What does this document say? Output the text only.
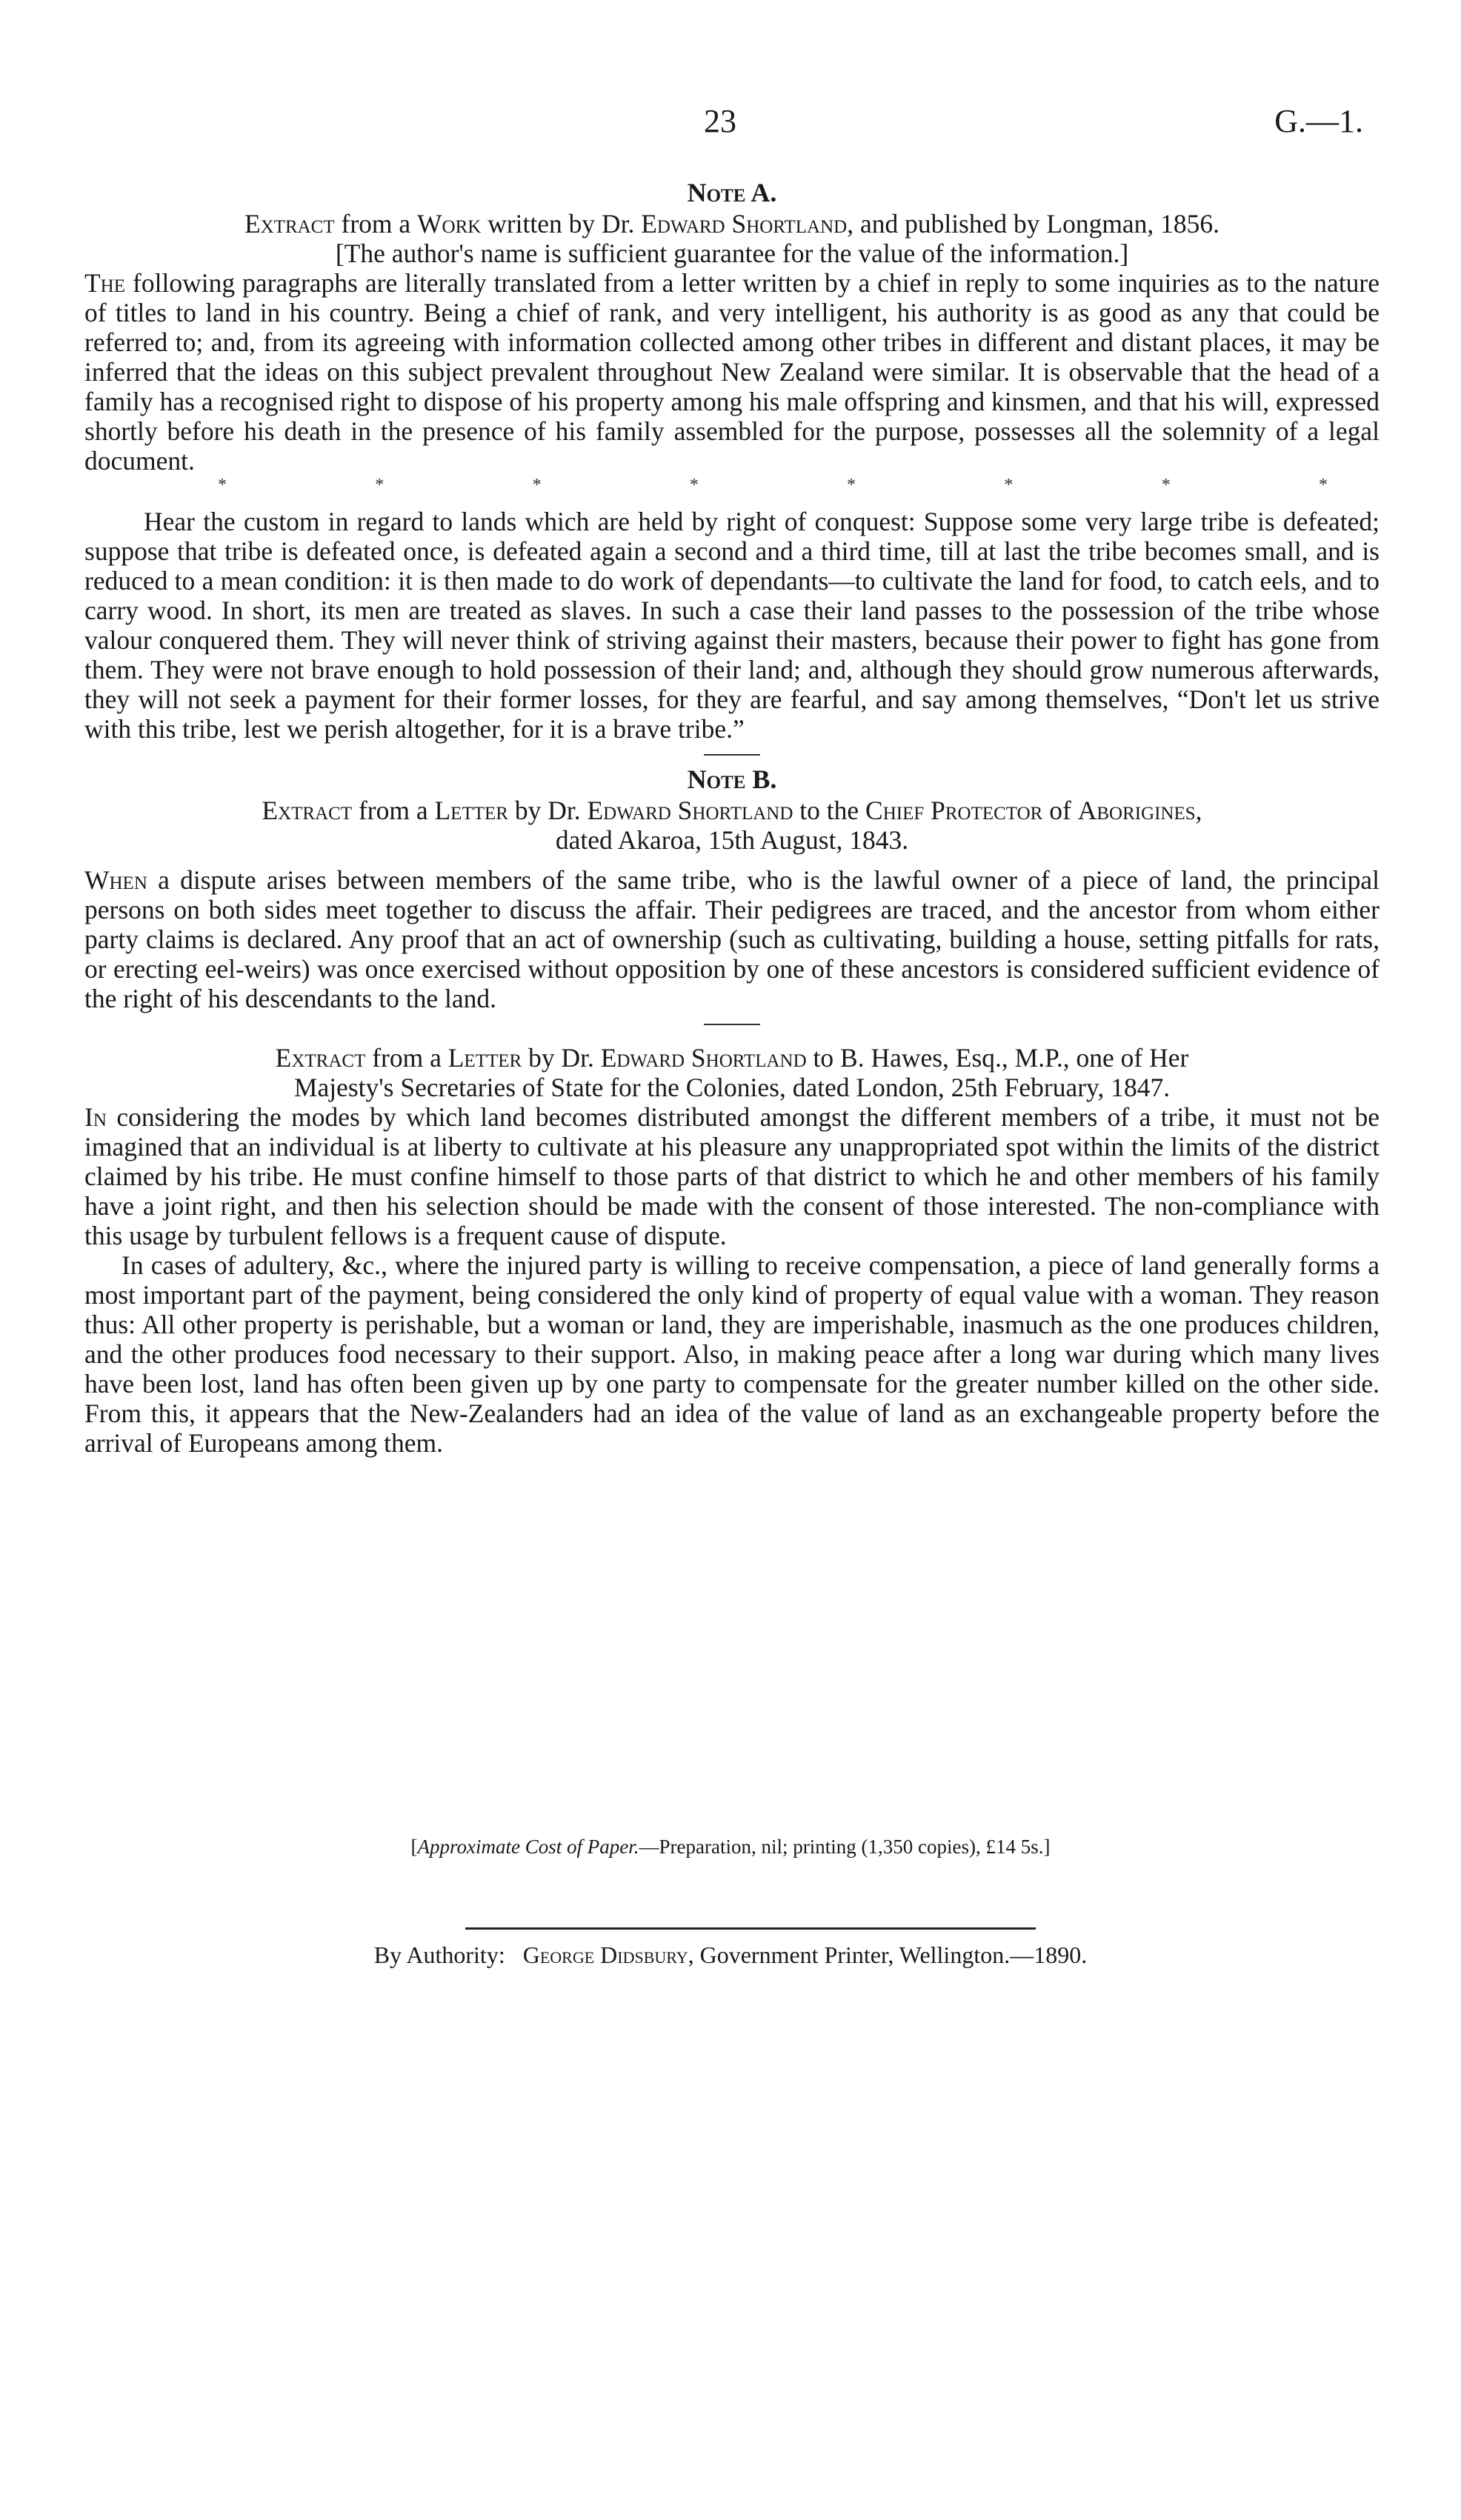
23	G.—1.
Note A.

Extract from a Work written by Dr. Edward Shortland, and published by Longman, 1856.

[The author's name is sufficient guarantee for the value of the information.]

The following paragraphs are literally translated from a letter written by a chief in reply to some inquiries as to the nature of titles to land in his country. Being a chief of rank, and very intelligent, his authority is as good as any that could be referred to; and, from its agreeing with information collected among other tribes in different and distant places, it may be inferred that the ideas on this subject prevalent throughout New Zealand were similar. It is observable that the head of a family has a recognised right to dispose of his property among his male offspring and kinsmen, and that his will, expressed shortly before his death in the presence of his family assembled for the purpose, possesses all the solemnity of a legal document.

*	*	*	*	*	*	*	*

Hear the custom in regard to lands which are held by right of conquest: Suppose some very large tribe is defeated; suppose that tribe is defeated once, is defeated again a second and a third time, till at last the tribe becomes small, and is reduced to a mean condition: it is then made to do work of dependants—to cultivate the land for food, to catch eels, and to carry wood. In short, its men are treated as slaves. In such a case their land passes to the possession of the tribe whose valour conquered them. They will never think of striving against their masters, because their power to fight has gone from them. They were not brave enough to hold possession of their land; and, although they should grow numerous afterwards, they will not seek a payment for their former losses, for they are fearful, and say among themselves, “Don't let us strive with this tribe, lest we perish altogether, for it is a brave tribe.”

Note B.

Extract from a Letter by Dr. Edward Shortland to the Chief Protector of Aborigines,

dated Akaroa, 15th August, 1843.

When a dispute arises between members of the same tribe, who is the lawful owner of a piece of land, the principal persons on both sides meet together to discuss the affair. Their pedigrees are traced, and the ancestor from whom either party claims is declared. Any proof that an act of ownership (such as cultivating, building a house, setting pitfalls for rats, or erecting eel-weirs) was once exercised without opposition by one of these ancestors is considered sufficient evidence of the right of his descendants to the land.

Extract from a Letter by Dr. Edward Shortland to B. Hawes, Esq., M.P., one of Her

Majesty's Secretaries of State for the Colonies, dated London, 25th February, 1847.

In considering the modes by which land becomes distributed amongst the different members of a tribe, it must not be imagined that an individual is at liberty to cultivate at his pleasure any unappropriated spot within the limits of the district claimed by his tribe. He must confine himself to those parts of that district to which he and other members of his family have a joint right, and then his selection should be made with the consent of those interested. The non-compliance with this usage by turbulent fellows is a frequent cause of dispute.

In cases of adultery, &c., where the injured party is willing to receive compensation, a piece of land generally forms a most important part of the payment, being considered the only kind of property of equal value with a woman. They reason thus: All other property is perishable, but a woman or land, they are imperishable, inasmuch as the one produces children, and the other produces food necessary to their support. Also, in making peace after a long war during which many lives have been lost, land has often been given up by one party to compensate for the greater number killed on the other side. From this, it appears that the New-Zealanders had an idea of the value of land as an exchangeable property before the arrival of Europeans among them.

[Approximate Cost of Paper.—Preparation, nil; printing (1,350 copies), £14 5s.]
By Authority: George Didsbury, Government Printer, Wellington.—1890.
